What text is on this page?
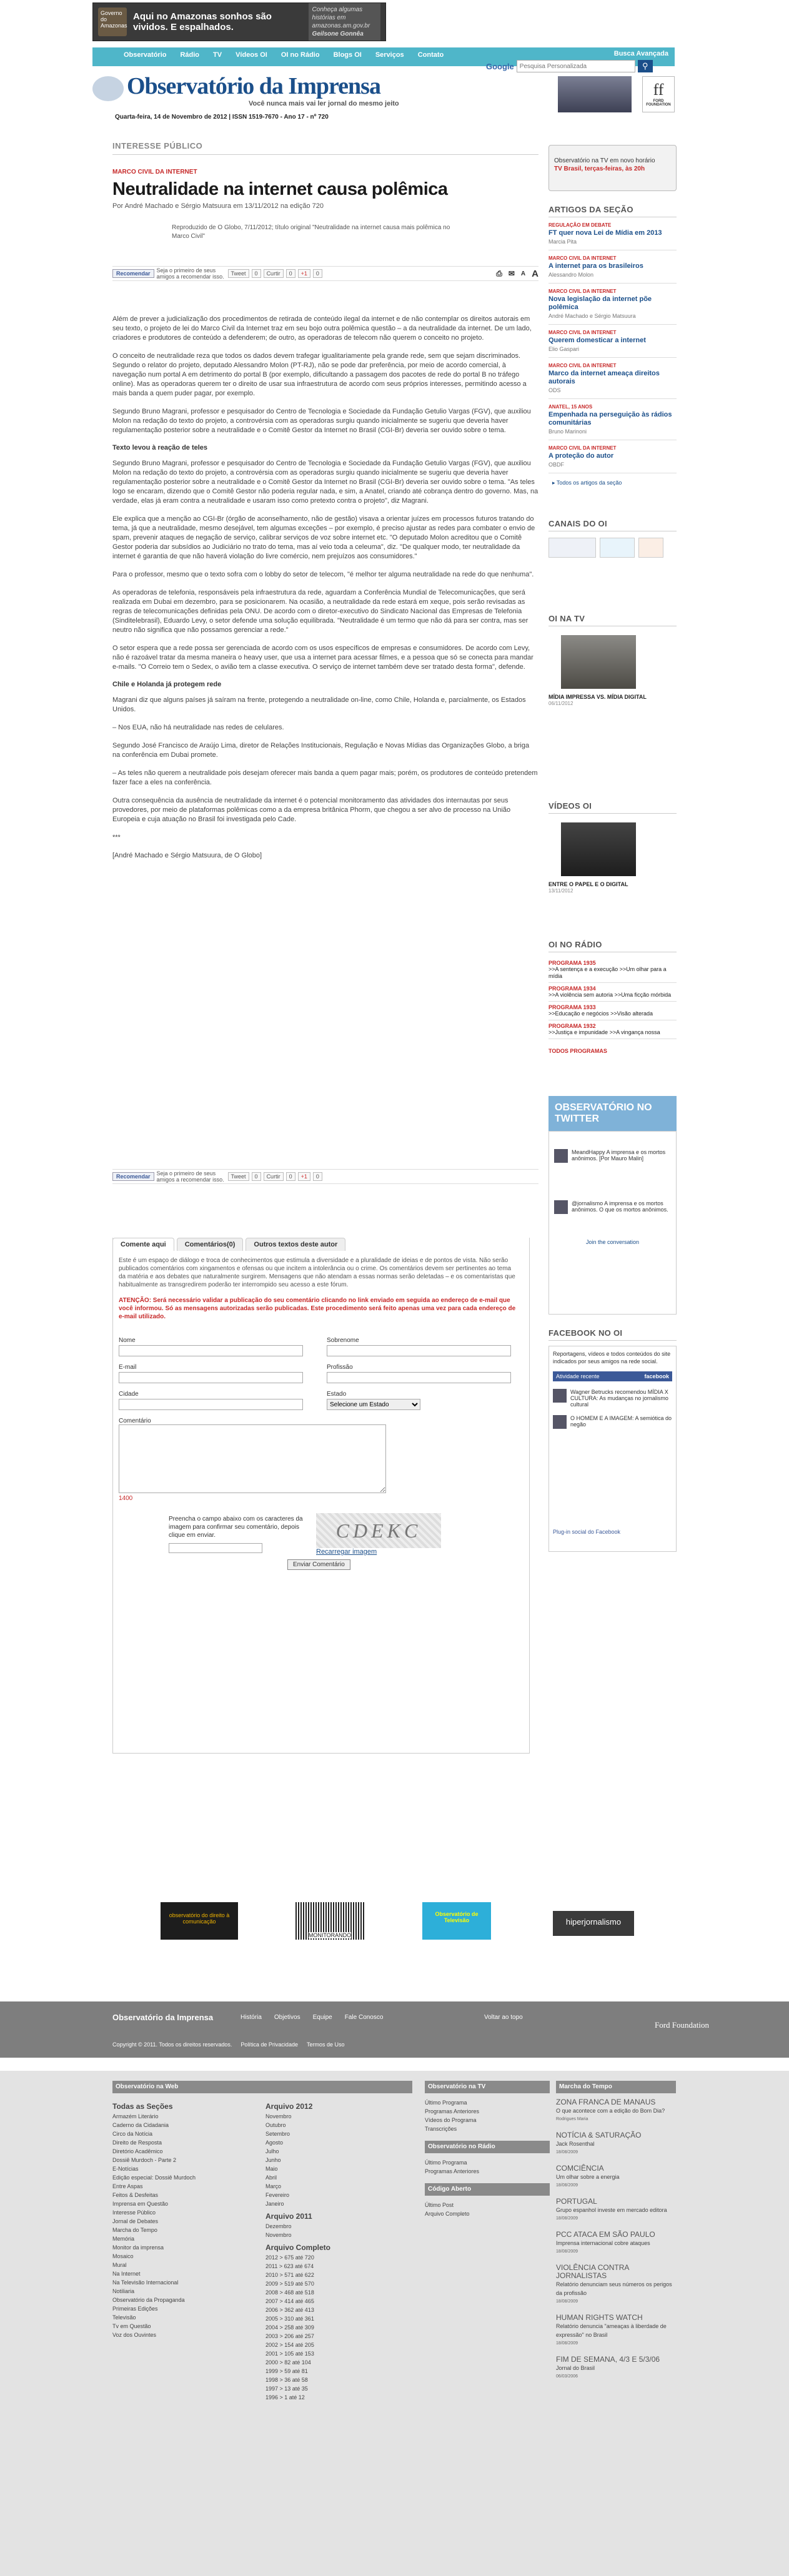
Governo do Amazonas
Aqui no Amazonas sonhos são vividos. E espalhados.
Conheça algumas histórias em amazonas.am.gov.br
Geilsone Gonnêa
Observatório	Rádio	TV	Vídeos OI	OI no Rádio	Blogs OI	Serviços	Contato	Busca Avançada
Observatório da Imprensa
Você nunca mais vai ler jornal do mesmo jeito
Quarta-feira, 14 de Novembro de 2012 | ISSN 1519-7670 - Ano 17 - nº 720
Google
Pesquisa Personalizada	⚲
ff
FORD FOUNDATION
INTERESSE PÚBLICO
MARCO CIVIL DA INTERNET
Neutralidade na internet causa polêmica
Por André Machado e Sérgio Matsuura em 13/11/2012 na edição 720
Reproduzido de O Globo, 7/11/2012; título original "Neutralidade na internet causa mais polêmica no Marco Civil"
Recomendar	Seja o primeiro de seus amigos a recomendar isso.	Tweet	0	Curtir	0	+1	0	⎙ ✉ A A

Além de prever a judicialização dos procedimentos de retirada de conteúdo ilegal da internet e de não contemplar os direitos autorais em seu texto, o projeto de lei do Marco Civil da Internet traz em seu bojo outra polêmica questão – a da neutralidade da internet. De um lado, criadores e produtores de conteúdo a defenderem; de outro, as operadoras de telecom não querem o conceito no projeto.

O conceito de neutralidade reza que todos os dados devem trafegar igualitariamente pela grande rede, sem que sejam discriminados. Segundo o relator do projeto, deputado Alessandro Molon (PT-RJ), não se pode dar preferência, por meio de acordo comercial, à navegação num portal A em detrimento do portal B (por exemplo, dificultando a passagem dos pacotes de rede do portal B no tráfego online). Mas as operadoras querem ter o direito de usar sua infraestrutura de acordo com seus próprios interesses, permitindo acesso a mais banda a quem puder pagar, por exemplo.

Segundo Bruno Magrani, professor e pesquisador do Centro de Tecnologia e Sociedade da Fundação Getulio Vargas (FGV), que auxiliou Molon na redação do texto do projeto, a controvérsia com as operadoras surgiu quando inicialmente se sugeriu que deveria haver regulamentação posterior sobre a neutralidade e o Comitê Gestor da Internet no Brasil (CGI-Br) deveria ser ouvido sobre o tema.

Texto levou à reação de teles

Segundo Bruno Magrani, professor e pesquisador do Centro de Tecnologia e Sociedade da Fundação Getulio Vargas (FGV), que auxiliou Molon na redação do texto do projeto, a controvérsia com as operadoras surgiu quando inicialmente se sugeriu que deveria haver regulamentação posterior sobre a neutralidade e o Comitê Gestor da Internet no Brasil (CGI-Br) deveria ser ouvido sobre o tema. "As teles logo se encaram, dizendo que o Comitê Gestor não poderia regular nada, e sim, a Anatel, criando até cobrança dentro do governo. Mas, na verdade, elas já eram contra a neutralidade e usaram isso como pretexto contra o projeto", diz Magrani.

Ele explica que a menção ao CGI-Br (órgão de aconselhamento, não de gestão) visava a orientar juízes em processos futuros tratando do tema, já que a neutralidade, mesmo desejável, tem algumas exceções – por exemplo, é preciso ajustar as redes para combater o envio de spam, prevenir ataques de negação de serviço, calibrar serviços de voz sobre internet etc. "O deputado Molon acreditou que o Comitê Gestor poderia dar subsídios ao Judiciário no trato do tema, mas aí veio toda a celeuma", diz. "De qualquer modo, ter neutralidade da internet é garantia de que não haverá violação do livre comércio, nem prejuízos aos consumidores."

Para o professor, mesmo que o texto sofra com o lobby do setor de telecom, "é melhor ter alguma neutralidade na rede do que nenhuma".

As operadoras de telefonia, responsáveis pela infraestrutura da rede, aguardam a Conferência Mundial de Telecomunicações, que será realizada em Dubai em dezembro, para se posicionarem. Na ocasião, a neutralidade da rede estará em xeque, pois serão revisadas as regras de telecomunicações definidas pela ONU. De acordo com o diretor-executivo do Sindicato Nacional das Empresas de Telefonia (Sinditelebrasil), Eduardo Levy, o setor defende uma solução equilibrada. "Neutralidade é um termo que não dá para ser contra, mas ser neutro não significa que não possamos gerenciar a rede."

O setor espera que a rede possa ser gerenciada de acordo com os usos específicos de empresas e consumidores. De acordo com Levy, não é razoável tratar da mesma maneira o heavy user, que usa a internet para acessar filmes, e a pessoa que só se conecta para mandar e-mails. "O Correio tem o Sedex, o avião tem a classe executiva. O serviço de internet também deve ser tratado desta forma", defende.

Chile e Holanda já protegem rede

Magrani diz que alguns países já saíram na frente, protegendo a neutralidade on-line, como Chile, Holanda e, parcialmente, os Estados Unidos.

– Nos EUA, não há neutralidade nas redes de celulares.

Segundo José Francisco de Araújo Lima, diretor de Relações Institucionais, Regulação e Novas Mídias das Organizações Globo, a briga na conferência em Dubai promete.

– As teles não querem a neutralidade pois desejam oferecer mais banda a quem pagar mais; porém, os produtores de conteúdo pretendem fazer face a eles na conferência.

Outra consequência da ausência de neutralidade da internet é o potencial monitoramento das atividades dos internautas por seus provedores, por meio de plataformas polêmicas como a da empresa britânica Phorm, que chegou a ser alvo de processo na União Europeia e cuja atuação no Brasil foi investigada pelo Cade.

***

[André Machado e Sérgio Matsuura, de O Globo]

Recomendar	Seja o primeiro de seus amigos a recomendar isso.	Tweet	0	Curtir	0	+1	0
Comente aqui	Comentários(0)	Outros textos deste autor
Este é um espaço de diálogo e troca de conhecimentos que estimula a diversidade e a pluralidade de ideias e de pontos de vista. Não serão publicados comentários com xingamentos e ofensas ou que incitem a intolerância ou o crime. Os comentários devem ser pertinentes ao tema da matéria e aos debates que naturalmente surgirem. Mensagens que não atendam a essas normas serão deletadas – e os comentaristas que habitualmente as transgredirem poderão ter interrompido seu acesso a este fórum.
ATENÇÃO: Será necessário validar a publicação do seu comentário clicando no link enviado em seguida ao endereço de e-mail que você informou. Só as mensagens autorizadas serão publicadas. Este procedimento será feito apenas uma vez para cada endereço de e-mail utilizado.
Nome	Sobrenome
E-mail	Profissão
Cidade	Estado
Selecione um Estado
Comentário
1400
Preencha o campo abaixo com os caracteres da imagem para confirmar seu comentário, depois clique em enviar.	CDEKC
Recarregar imagem
Enviar Comentário
Observatório na TV em novo horário
TV Brasil, terças-feiras, às 20h
ARTIGOS DA SEÇÃO
REGULAÇÃO EM DEBATE
FT quer nova Lei de Mídia em 2013
Marcia Pita
MARCO CIVIL DA INTERNET
A internet para os brasileiros
Alessandro Molon
MARCO CIVIL DA INTERNET
Nova legislação da internet põe polêmica
André Machado e Sérgio Matsuura
MARCO CIVIL DA INTERNET
Querem domesticar a internet
Elio Gaspari
MARCO CIVIL DA INTERNET
Marco da internet ameaça direitos autorais
ODS
ANATEL, 15 ANOS
Empenhada na perseguição às rádios comunitárias
Bruno Marinoni
MARCO CIVIL DA INTERNET
A proteção do autor
OBDF
▸ Todos os artigos da seção
CANAIS DO OI
OI NA TV
MÍDIA IMPRESSA VS. MÍDIA DIGITAL
06/11/2012
VÍDEOS OI
ENTRE O PAPEL E O DIGITAL
13/11/2012
OI NO RÁDIO
PROGRAMA 1935
>>A sentença e a execução >>Um olhar para a mídia
PROGRAMA 1934
>>A violência sem autoria >>Uma ficção mórbida
PROGRAMA 1933
>>Educação e negócios >>Visão alterada
PROGRAMA 1932
>>Justiça e impunidade >>A vingança nossa
TODOS PROGRAMAS
OBSERVATÓRIO NO TWITTER
MeandHappy A imprensa e os mortos anônimos. [Por Mauro Malin]
@jornalismo A imprensa e os mortos anônimos. O que os mortos anônimos.
Join the conversation
FACEBOOK NO OI
Reportagens, vídeos e todos conteúdos do site indicados por seus amigos na rede social.
Atividade recente	facebook
Wagner Betrucks recomendou MÍDIA X CULTURA: As mudanças no jornalismo cultural
O HOMEM E A IMAGEM: A semiótica do negão
Plug-in social do Facebook
observatório do direito à comunicação
MONITORANDO
Observatório de Televisão	hiperjornalismo
Observatório da Imprensa	História Objetivos Equipe Fale Conosco	Voltar ao topo
Copyright © 2011. Todos os direitos reservados. Política de Privacidade Termos de Uso
Ford Foundation
Observatório na Web
Todas as Seções
Armazém Literário
Caderno da Cidadania
Circo da Notícia
Direito de Resposta
Diretório Acadêmico
Dossiê Murdoch - Parte 2
E-Notícias
Edição especial: Dossiê Murdoch
Entre Aspas
Feitos & Desfeitas
Imprensa em Questão
Interesse Público
Jornal de Debates
Marcha do Tempo
Memória
Monitor da imprensa
Mosaico
Mural
Na Internet
Na Televisão Internacional
Notiliaria
Observatório da Propaganda
Primeiras Edições
Televisão
Tv em Questão
Voz dos Ouvintes
Arquivo 2012
Novembro
Outubro
Setembro
Agosto
Julho
Junho
Maio
Abril
Março
Fevereiro
Janeiro
Arquivo 2011
Dezembro
Novembro
Arquivo Completo
2012 > 675 até 720
2011 > 623 até 674
2010 > 571 até 622
2009 > 519 até 570
2008 > 468 até 518
2007 > 414 até 465
2006 > 362 até 413
2005 > 310 até 361
2004 > 258 até 309
2003 > 206 até 257
2002 > 154 até 205
2001 > 105 até 153
2000 > 82 até 104
1999 > 59 até 81
1998 > 36 até 58
1997 > 13 até 35
1996 > 1 até 12
Observatório na TV
Último Programa
Programas Anteriores
Vídeos do Programa
Transcrições
Observatório no Rádio
Último Programa
Programas Anteriores
Código Aberto
Último Post
Arquivo Completo
Marcha do Tempo
ZONA FRANCA DE MANAUS
O que acontece com a edição do Bom Dia?
Rodrigues Maria
NOTÍCIA & SATURAÇÃO
Jack Rosenthal
18/08/2009
COMCIÊNCIA
Um olhar sobre a energia
18/08/2009
PORTUGAL
Grupo espanhol investe em mercado editora
18/08/2009
PCC ATACA EM SÃO PAULO
Imprensa internacional cobre ataques
18/08/2009
VIOLÊNCIA CONTRA JORNALISTAS
Relatório denunciam seus números os perigos da profissão
18/08/2009
HUMAN RIGHTS WATCH
Relatório denuncia "ameaças à liberdade de expressão" no Brasil
18/08/2009
FIM DE SEMANA, 4/3 E 5/3/06
Jornal do Brasil
06/03/2006
